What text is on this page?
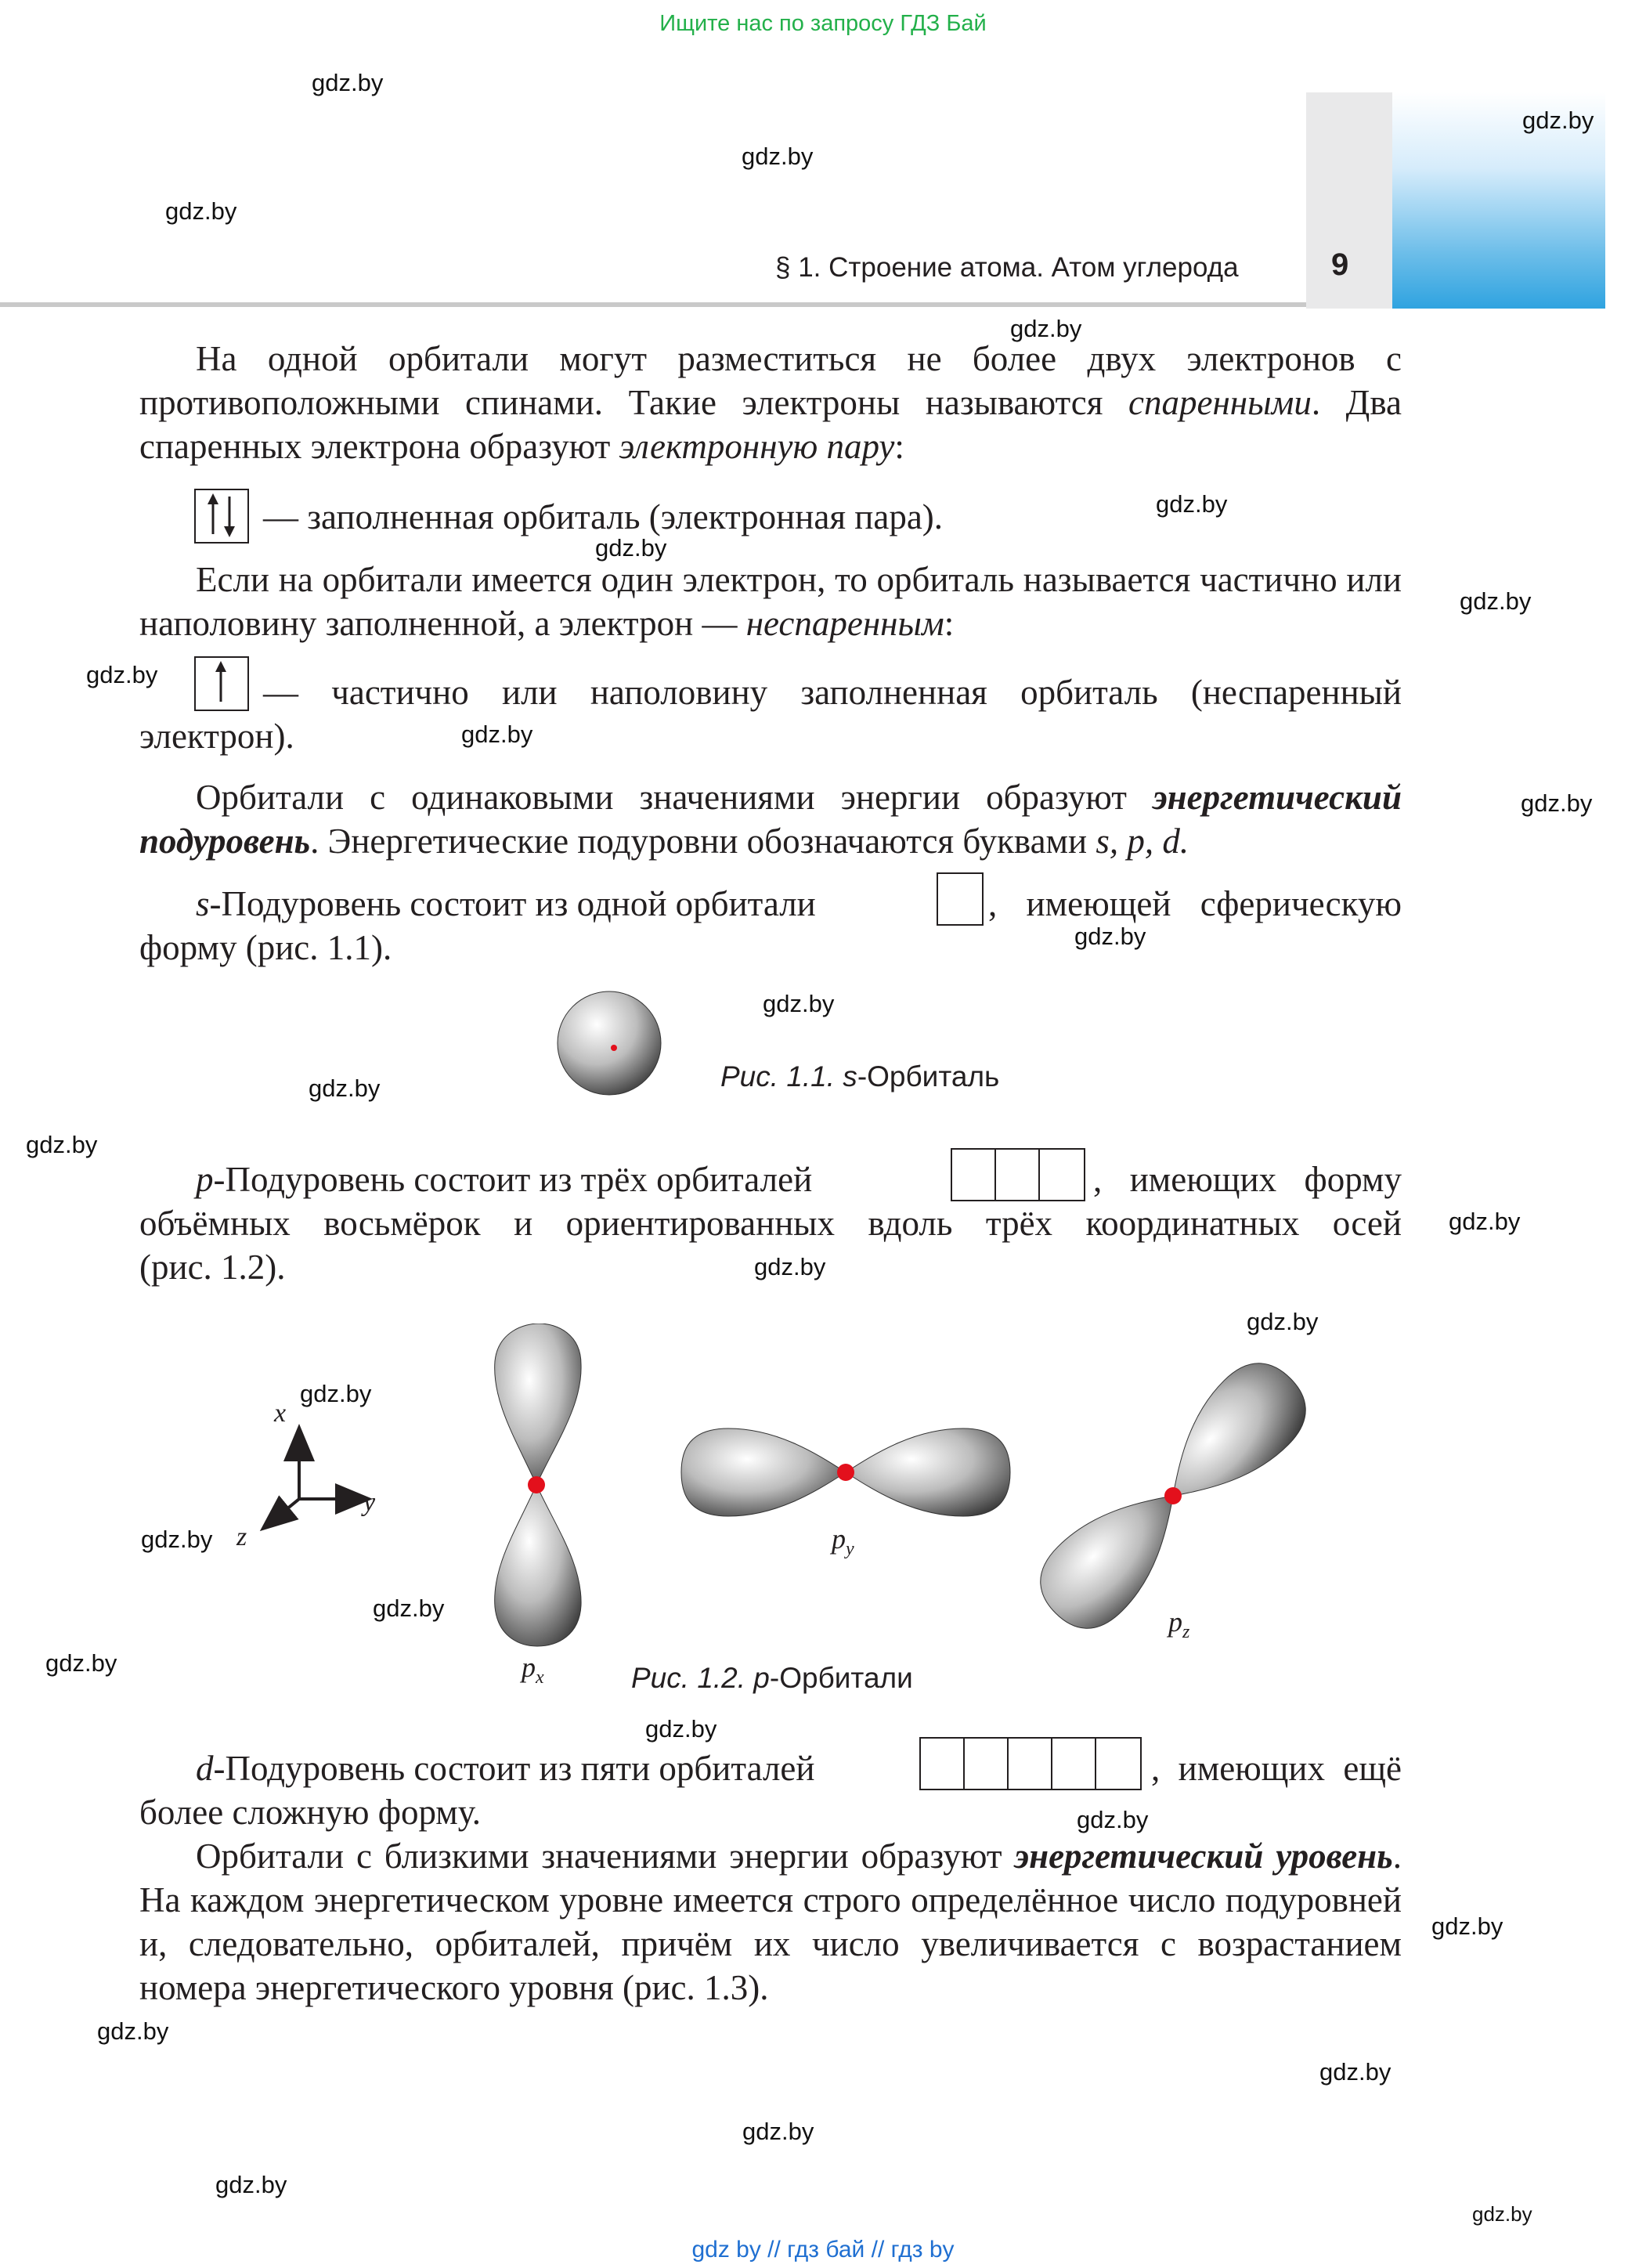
Ищите нас по запросу ГДЗ Бай
gdz by // гдз бай // гдз by
§ 1. Строение атома. Атом углерода	9
gdz.by
gdz.by
gdz.by
gdz.by
gdz.by
gdz.by
gdz.by
gdz.by
gdz.by
gdz.by
gdz.by
gdz.by
gdz.by
gdz.by
gdz.by
gdz.by
gdz.by
gdz.by
gdz.by
gdz.by
gdz.by
gdz.by
gdz.by
gdz.by
gdz.by
gdz.by
gdz.by
gdz.by
gdz.by
gdz.by
На одной орбитали могут разместиться не более двух электронов с противоположными спинами. Такие электроны называются спаренными. Два спаренных электрона образуют электронную пару:
— заполненная орбиталь (электронная пара).
Если на орбитали имеется один электрон, то орбиталь называется частично или наполовину заполненной, а электрон — неспаренным:
— частично или наполовину заполненная орбиталь (неспаренный
электрон).
Орбитали с одинаковыми значениями энергии образуют энергетический подуровень. Энергетические подуровни обозначаются буквами s, p, d.
s-Подуровень состоит из одной орбитали	, имеющей сферическую
форму (рис. 1.1).
Рис. 1.1. s-Орбиталь
p-Подуровень состоит из трёх орбиталей	, имеющих форму
объёмных восьмёрок и ориентированных вдоль трёх координатных осей
(рис. 1.2).
x
y
z
$p_x$
$p_y$
$p_z$
Рис. 1.2. p-Орбитали
d-Подуровень состоит из пяти орбиталей	, имеющих ещё
более сложную форму.
Орбитали с близкими значениями энергии образуют энергетический уровень. На каждом энергетическом уровне имеется строго определённое число подуровней и, следовательно, орбиталей, причём их число увеличивается с возрастанием номера энергетического уровня (рис. 1.3).
